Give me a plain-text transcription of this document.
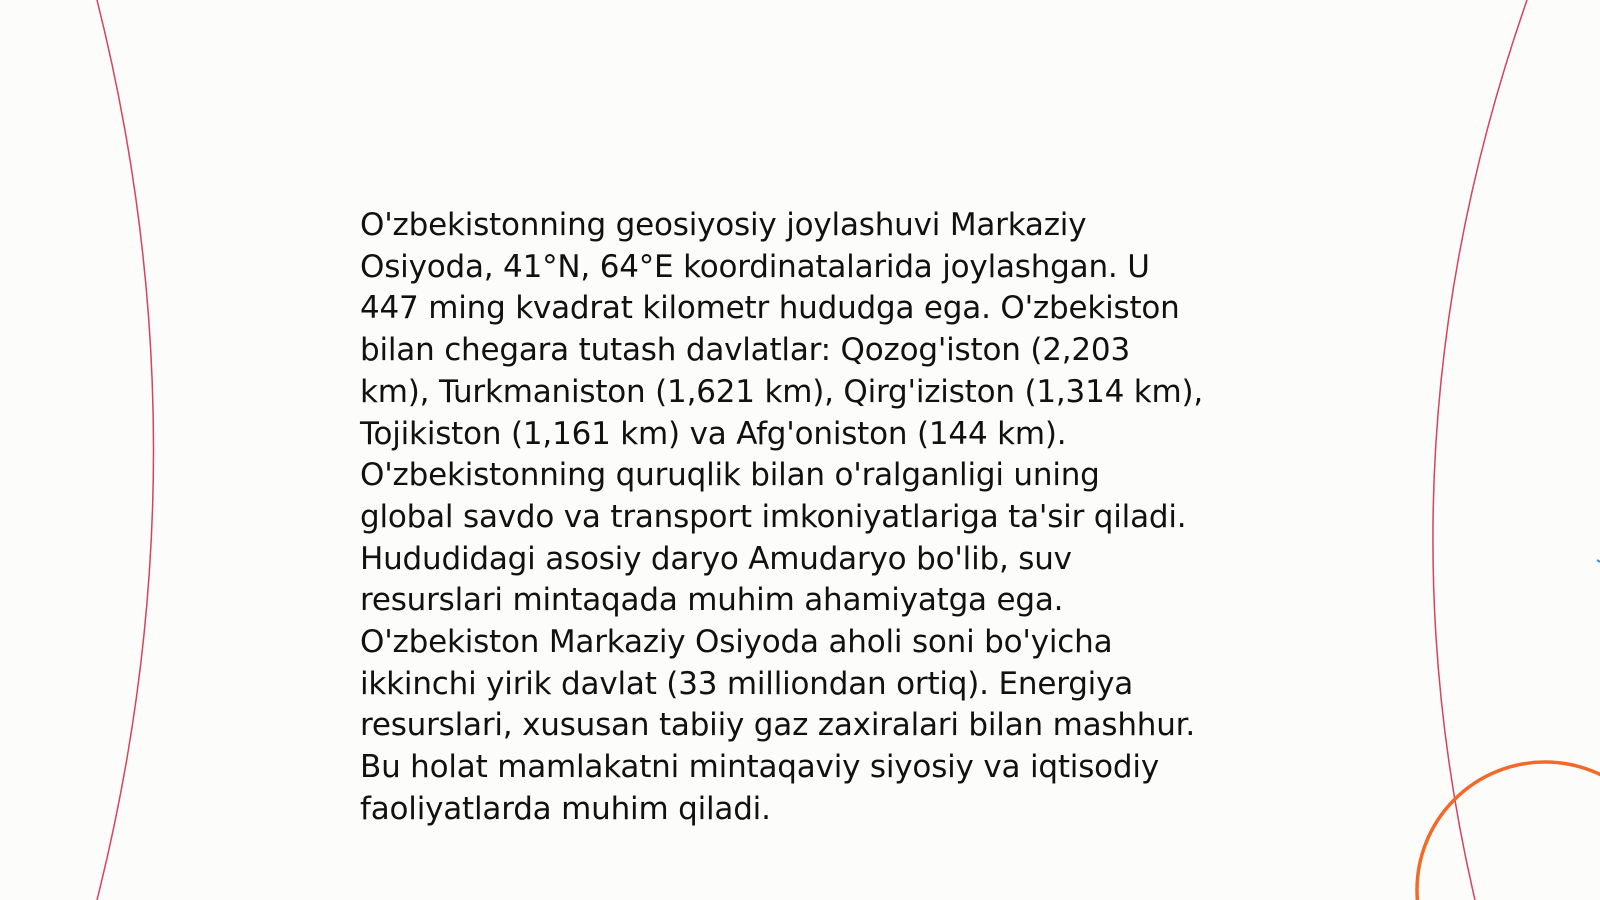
O'zbekistonning geosiyosiy joylashuvi Markaziy
Osiyoda, 41°N, 64°E koordinatalarida joylashgan. U
447 ming kvadrat kilometr hududga ega. O'zbekiston
bilan chegara tutash davlatlar: Qozog'iston (2,203
km), Turkmaniston (1,621 km), Qirg'iziston (1,314 km),
Tojikiston (1,161 km) va Afg'oniston (144 km).
O'zbekistonning quruqlik bilan o'ralganligi uning
global savdo va transport imkoniyatlariga ta'sir qiladi.
Hududidagi asosiy daryo Amudaryo bo'lib, suv
resurslari mintaqada muhim ahamiyatga ega.
O'zbekiston Markaziy Osiyoda aholi soni bo'yicha
ikkinchi yirik davlat (33 milliondan ortiq). Energiya
resurslari, xususan tabiiy gaz zaxiralari bilan mashhur.
Bu holat mamlakatni mintaqaviy siyosiy va iqtisodiy
faoliyatlarda muhim qiladi.
